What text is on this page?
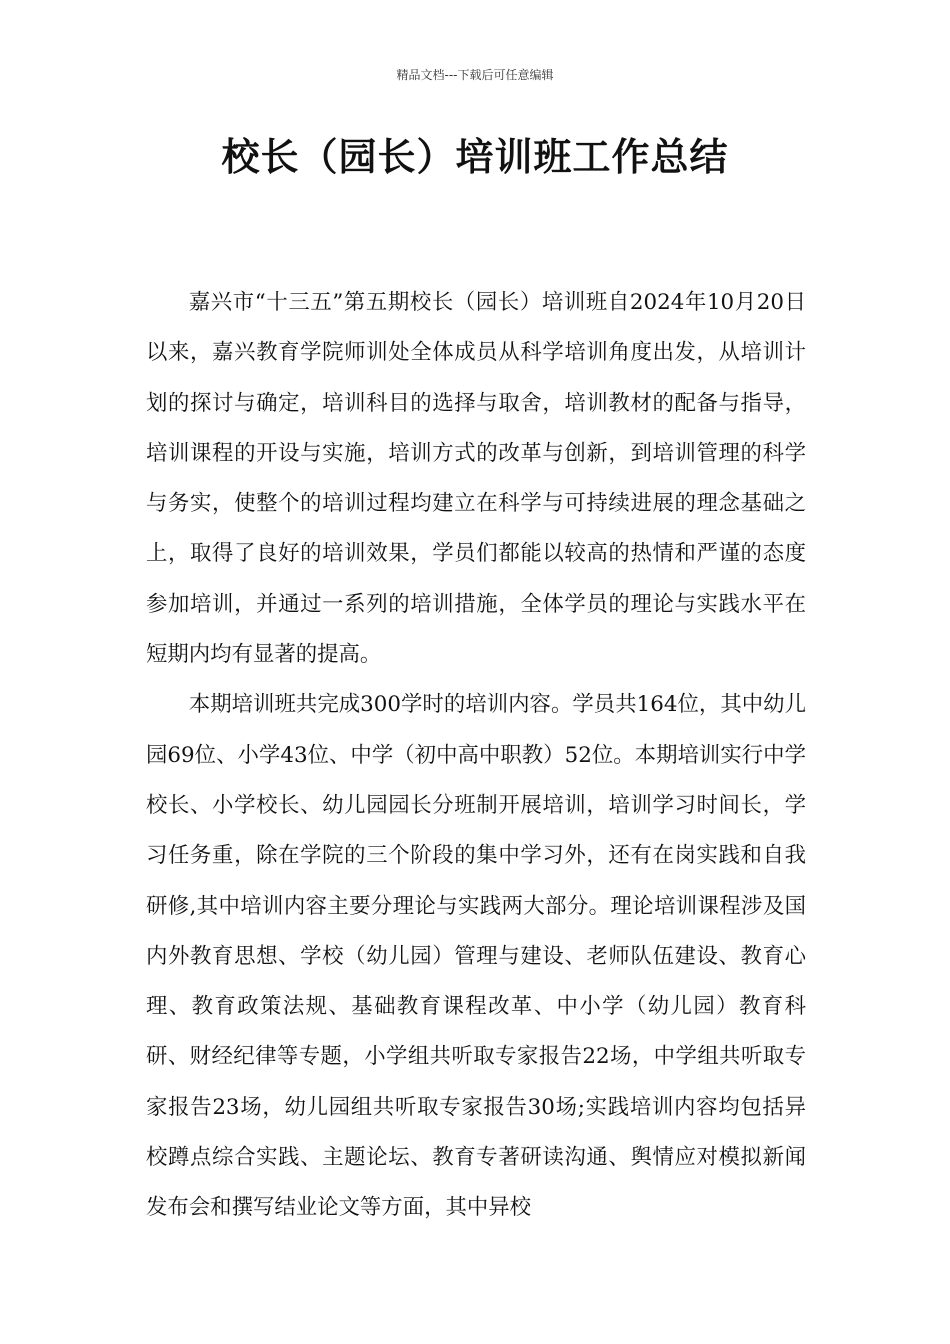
精品文档---下载后可任意编辑
校长（园长）培训班工作总结

嘉兴市“十三五”第五期校长（园长）培训班自2024年10月20日以来，嘉兴教育学院师训处全体成员从科学培训角度出发，从培训计划的探讨与确定，培训科目的选择与取舍，培训教材的配备与指导，培训课程的开设与实施，培训方式的改革与创新，到培训管理的科学与务实，使整个的培训过程均建立在科学与可持续进展的理念基础之上，取得了良好的培训效果，学员们都能以较高的热情和严谨的态度参加培训，并通过一系列的培训措施，全体学员的理论与实践水平在短期内均有显著的提高。

本期培训班共完成300学时的培训内容。学员共164位，其中幼儿园69位、小学43位、中学（初中高中职教）52位。本期培训实行中学校长、小学校长、幼儿园园长分班制开展培训，培训学习时间长，学习任务重，除在学院的三个阶段的集中学习外，还有在岗实践和自我研修,其中培训内容主要分理论与实践两大部分。理论培训课程涉及国内外教育思想、学校（幼儿园）管理与建设、老师队伍建设、教育心理、教育政策法规、基础教育课程改革、中小学（幼儿园）教育科研、财经纪律等专题，小学组共听取专家报告22场，中学组共听取专家报告23场，幼儿园组共听取专家报告30场;实践培训内容均包括异校蹲点综合实践、主题论坛、教育专著研读沟通、舆情应对模拟新闻发布会和撰写结业论文等方面，其中异校
